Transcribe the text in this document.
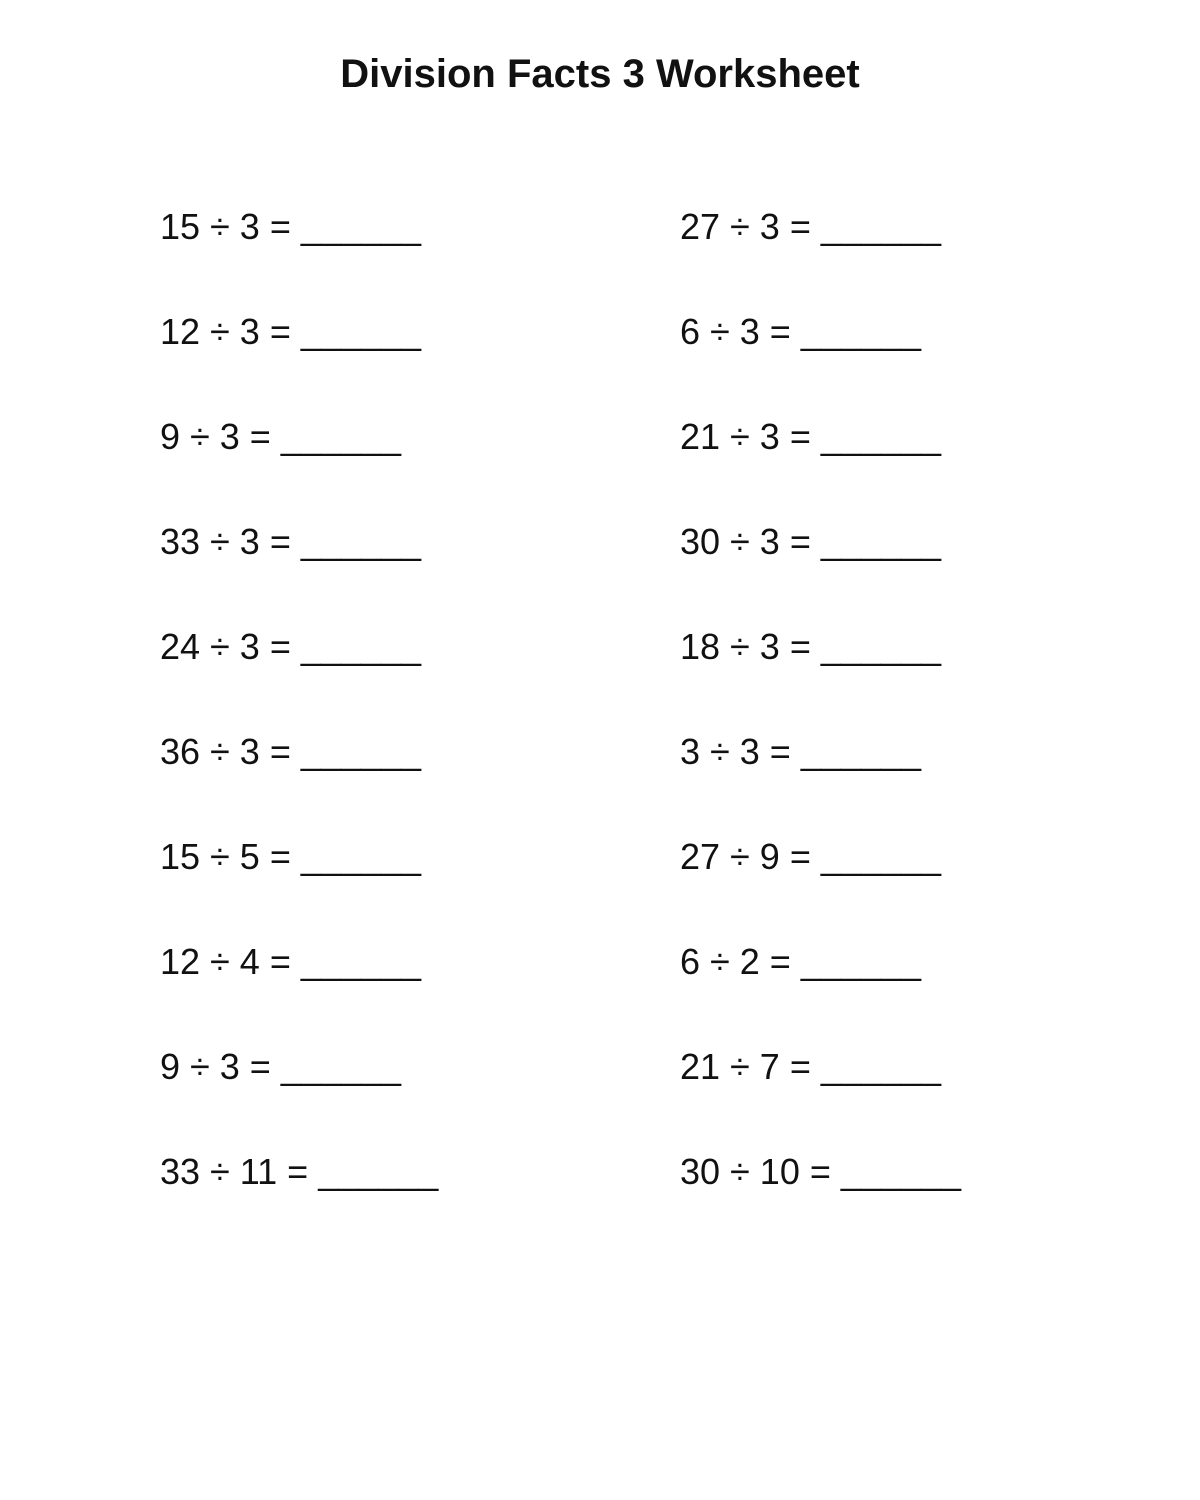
Division Facts 3 Worksheet
15 ÷ 3 = ______	27 ÷ 3 = ______
12 ÷ 3 = ______	6 ÷ 3 = ______
9 ÷ 3 = ______	21 ÷ 3 = ______
33 ÷ 3 = ______	30 ÷ 3 = ______
24 ÷ 3 = ______	18 ÷ 3 = ______
36 ÷ 3 = ______	3 ÷ 3 = ______
15 ÷ 5 = ______	27 ÷ 9 = ______
12 ÷ 4 = ______	6 ÷ 2 = ______
9 ÷ 3 = ______	21 ÷ 7 = ______
33 ÷ 11 = ______	30 ÷ 10 = ______
